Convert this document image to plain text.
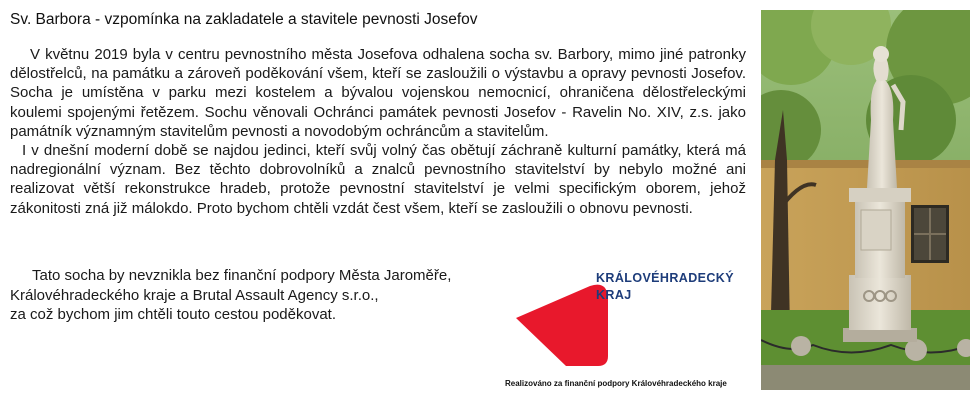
Sv. Barbora - vzpomínka na zakladatele a stavitele pevnosti Josefov

V květnu 2019 byla v centru pevnostního města Josefova odhalena socha sv. Barbory, mimo jiné patronky dělostřelců, na památku a zároveň poděkování všem, kteří se zasloužili o výstavbu a opravy pevnosti Josefov. Socha je umístěna v parku mezi kostelem a bývalou vojenskou nemocnicí, ohraničena dělostřeleckými koulemi spojenými řetězem. Sochu věnovali Ochránci památek pevnosti Josefov - Ravelin No. XIV, z.s. jako památník významným stavitelům pevnosti a novodobým ochráncům a stavitelům.

I v dnešní moderní době se najdou jedinci, kteří svůj volný čas obětují záchraně kulturní památky, která má nadregionální význam. Bez těchto dobrovolníků a znalců pevnostního stavitelství by nebylo možné ani realizovat větší rekonstrukce hradeb, protože pevnostní stavitelství je velmi specifickým oborem, jehož zákonitosti zná již málokdo. Proto bychom chtěli vzdát čest všem, kteří se zasloužili o obnovu pevnosti.

Tato socha by nevznikla bez finanční podpory Města Jaroměře,
Královéhradeckého kraje a Brutal Assault Agency s.r.o.,
za což bychom jim chtěli touto cestou poděkovat.
KRÁLOVÉHRADECKÝ
KRAJ
Realizováno za finanční podpory Královéhradeckého kraje
